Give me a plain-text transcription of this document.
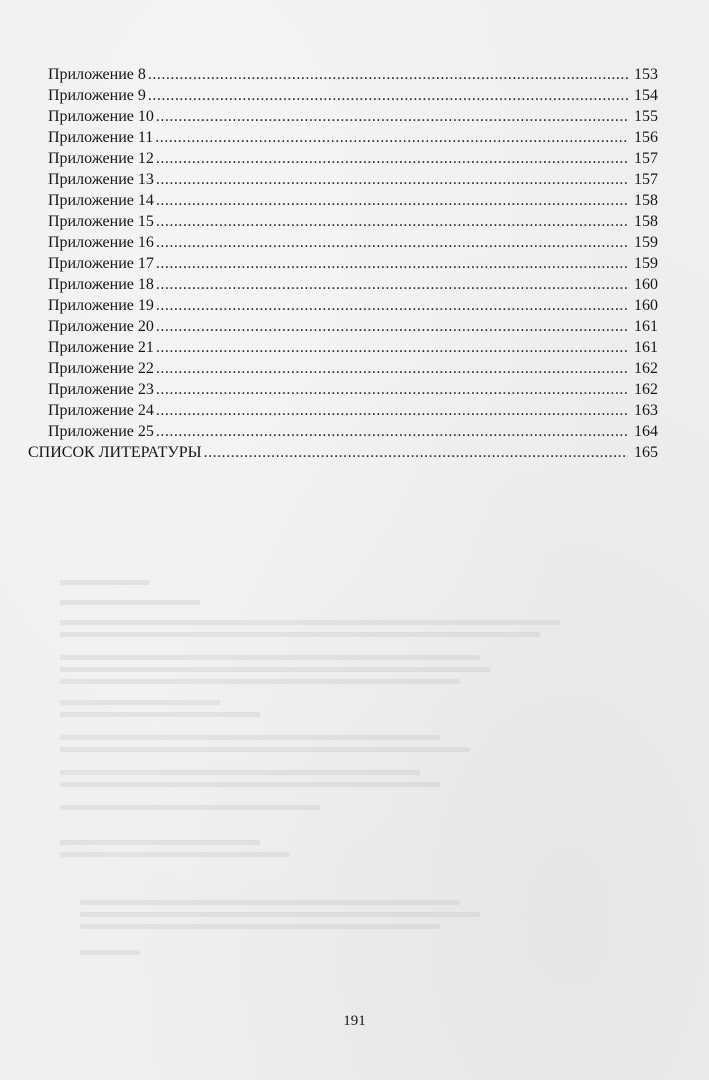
Приложение 8 .....	153
Приложение 9 .....	154
Приложение 10 .....	155
Приложение 11 .....	156
Приложение 12 .....	157
Приложение 13 .....	157
Приложение 14 .....	158
Приложение 15 .....	158
Приложение 16 .....	159
Приложение 17 .....	159
Приложение 18 .....	160
Приложение 19 .....	160
Приложение 20 .....	161
Приложение 21 .....	161
Приложение 22 .....	162
Приложение 23 .....	162
Приложение 24 .....	163
Приложение 25 .....	164
СПИСОК ЛИТЕРАТУРЫ .....	165
191
